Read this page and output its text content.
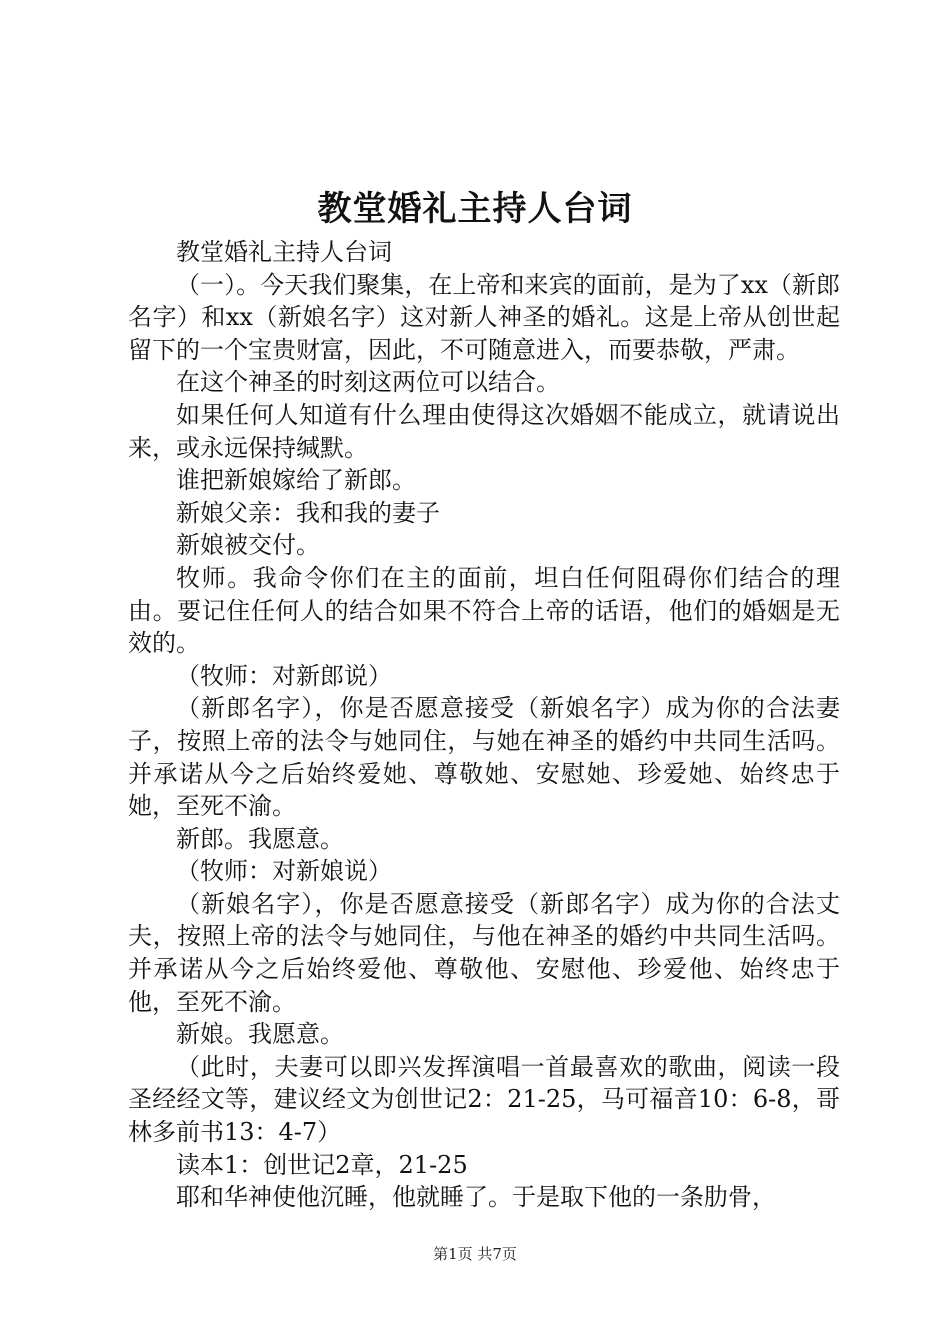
教堂婚礼主持人台词

教堂婚礼主持人台词

（一）。今天我们聚集，在上帝和来宾的面前，是为了xx（新郎名字）和xx（新娘名字）这对新人神圣的婚礼。这是上帝从创世起留下的一个宝贵财富，因此，不可随意进入，而要恭敬，严肃。

在这个神圣的时刻这两位可以结合。

如果任何人知道有什么理由使得这次婚姻不能成立，就请说出来，或永远保持缄默。

谁把新娘嫁给了新郎。

新娘父亲：我和我的妻子

新娘被交付。

牧师。我命令你们在主的面前，坦白任何阻碍你们结合的理由。要记住任何人的结合如果不符合上帝的话语，他们的婚姻是无效的。

（牧师：对新郎说）

（新郎名字），你是否愿意接受（新娘名字）成为你的合法妻子，按照上帝的法令与她同住，与她在神圣的婚约中共同生活吗。并承诺从今之后始终爱她、尊敬她、安慰她、珍爱她、始终忠于她，至死不渝。

新郎。我愿意。

（牧师：对新娘说）

（新娘名字），你是否愿意接受（新郎名字）成为你的合法丈夫，按照上帝的法令与她同住，与他在神圣的婚约中共同生活吗。并承诺从今之后始终爱他、尊敬他、安慰他、珍爱他、始终忠于他，至死不渝。

新娘。我愿意。

（此时，夫妻可以即兴发挥演唱一首最喜欢的歌曲，阅读一段圣经经文等，建议经文为创世记2：21-25，马可福音10：6-8，哥林多前书13：4-7）

读本1：创世记2章，21-25

耶和华神使他沉睡，他就睡了。于是取下他的一条肋骨，

第1页 共7页
